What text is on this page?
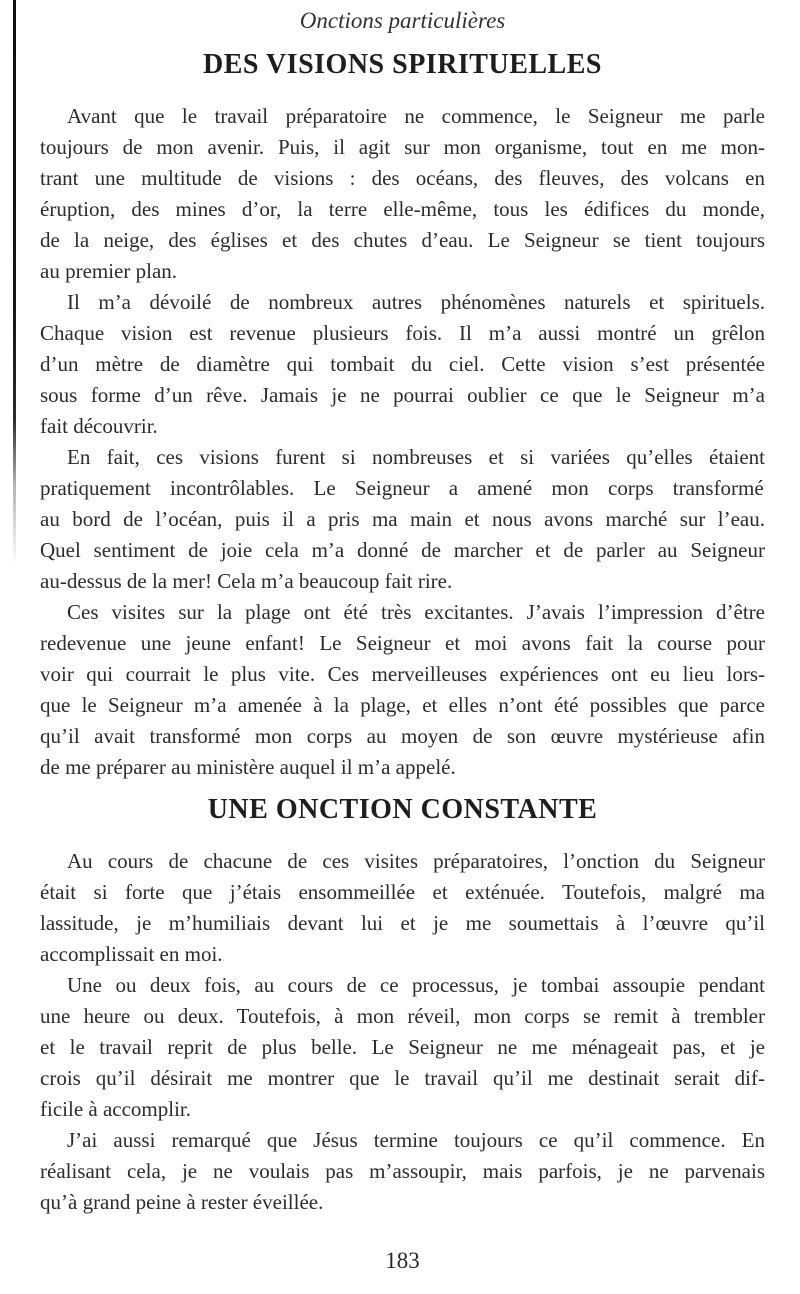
Onctions particulières
DES VISIONS SPIRITUELLES
Avant que le travail préparatoire ne commence, le Seigneur me parle
toujours de mon avenir. Puis, il agit sur mon organisme, tout en me mon-
trant une multitude de visions : des océans, des fleuves, des volcans en
éruption, des mines d’or, la terre elle-même, tous les édifices du monde,
de la neige, des églises et des chutes d’eau. Le Seigneur se tient toujours
au premier plan.
Il m’a dévoilé de nombreux autres phénomènes naturels et spirituels.
Chaque vision est revenue plusieurs fois. Il m’a aussi montré un grêlon
d’un mètre de diamètre qui tombait du ciel. Cette vision s’est présentée
sous forme d’un rêve. Jamais je ne pourrai oublier ce que le Seigneur m’a
fait découvrir.
En fait, ces visions furent si nombreuses et si variées qu’elles étaient
pratiquement incontrôlables. Le Seigneur a amené mon corps transformé
au bord de l’océan, puis il a pris ma main et nous avons marché sur l’eau.
Quel sentiment de joie cela m’a donné de marcher et de parler au Seigneur
au-dessus de la mer! Cela m’a beaucoup fait rire.
Ces visites sur la plage ont été très excitantes. J’avais l’impression d’être
redevenue une jeune enfant! Le Seigneur et moi avons fait la course pour
voir qui courrait le plus vite. Ces merveilleuses expériences ont eu lieu lors-
que le Seigneur m’a amenée à la plage, et elles n’ont été possibles que parce
qu’il avait transformé mon corps au moyen de son œuvre mystérieuse afin
de me préparer au ministère auquel il m’a appelé.
UNE ONCTION CONSTANTE
Au cours de chacune de ces visites préparatoires, l’onction du Seigneur
était si forte que j’étais ensommeillée et exténuée. Toutefois, malgré ma
lassitude, je m’humiliais devant lui et je me soumettais à l’œuvre qu’il
accomplissait en moi.
Une ou deux fois, au cours de ce processus, je tombai assoupie pendant
une heure ou deux. Toutefois, à mon réveil, mon corps se remit à trembler
et le travail reprit de plus belle. Le Seigneur ne me ménageait pas, et je
crois qu’il désirait me montrer que le travail qu’il me destinait serait dif-
ficile à accomplir.
J’ai aussi remarqué que Jésus termine toujours ce qu’il commence. En
réalisant cela, je ne voulais pas m’assoupir, mais parfois, je ne parvenais
qu’à grand peine à rester éveillée.
183
